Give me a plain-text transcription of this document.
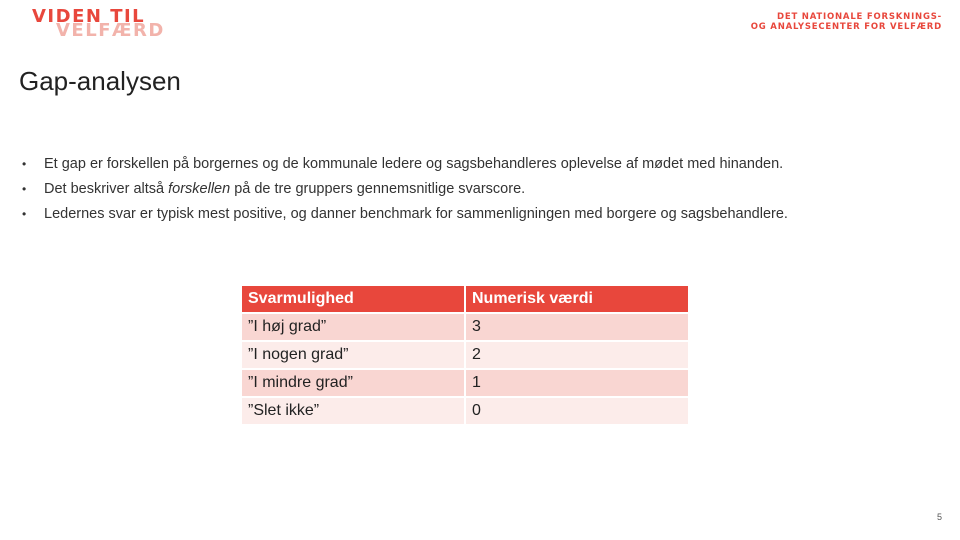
VIDEN TIL
VELFÆRD
DET NATIONALE FORSKNINGS-
OG ANALYSECENTER FOR VELFÆRD
Gap-analysen
• Et gap er forskellen på borgernes og de kommunale ledere og sagsbehandleres oplevelse af mødet med hinanden.
• Det beskriver altså forskellen på de tre gruppers gennemsnitlige svarscore.
• Ledernes svar er typisk mest positive, og danner benchmark for sammenligningen med borgere og sagsbehandlere.
Svarmulighed	Numerisk værdi
”I høj grad”	3
”I nogen grad”	2
”I mindre grad”	1
”Slet ikke”	0
5
